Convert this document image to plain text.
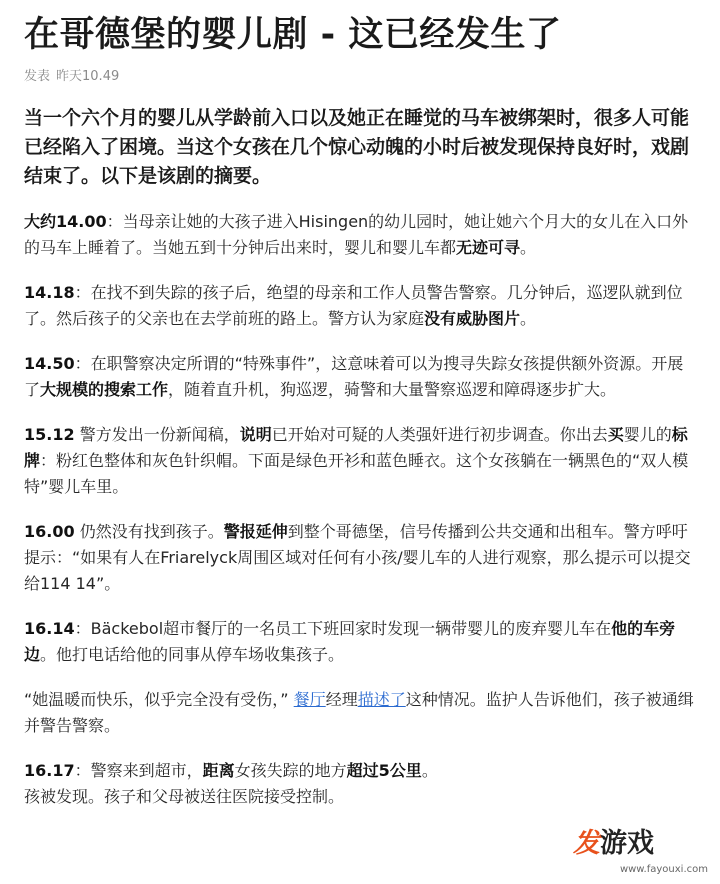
在哥德堡的婴儿剧 - 这已经发生了
发表 昨天10.49
当一个六个月的婴儿从学龄前入口以及她正在睡觉的马车被绑架时，很多人可能已经陷入了困境。当这个女孩在几个惊心动魄的小时后被发现保持良好时，戏剧结束了。以下是该剧的摘要。
大约14.00：当母亲让她的大孩子进入Hisingen的幼儿园时，她让她六个月大的女儿在入口外的马车上睡着了。当她五到十分钟后出来时，婴儿和婴儿车都无迹可寻。
14.18：在找不到失踪的孩子后，绝望的母亲和工作人员警告警察。几分钟后，巡逻队就到位了。然后孩子的父亲也在去学前班的路上。警方认为家庭没有威胁图片。
14.50：在职警察决定所谓的“特殊事件”，这意味着可以为搜寻失踪女孩提供额外资源。开展了大规模的搜索工作，随着直升机，狗巡逻，骑警和大量警察巡逻和障碍逐步扩大。
15.12 警方发出一份新闻稿，说明已开始对可疑的人类强奸进行初步调查。你出去买婴儿的标牌：粉红色整体和灰色针织帽。下面是绿色开衫和蓝色睡衣。这个女孩躺在一辆黑色的“双人模特”婴儿车里。
16.00 仍然没有找到孩子。警报延伸到整个哥德堡，信号传播到公共交通和出租车。警方呼吁提示：“如果有人在Friarelyck周围区域对任何有小孩/婴儿车的人进行观察，那么提示可以提交给114 14”。
16.14：Bäckebol超市餐厅的一名员工下班回家时发现一辆带婴儿的废弃婴儿车在他的车旁边。他打电话给他的同事从停车场收集孩子。
“她温暖而快乐，似乎完全没有受伤，” 餐厅经理描述了这种情况。监护人告诉他们，孩子被通缉并警告警察。
16.17：警察来到超市，距离女孩失踪的地方超过5公里。
孩被发现。孩子和父母被送往医院接受控制。
发游戏
www.fayouxi.com
